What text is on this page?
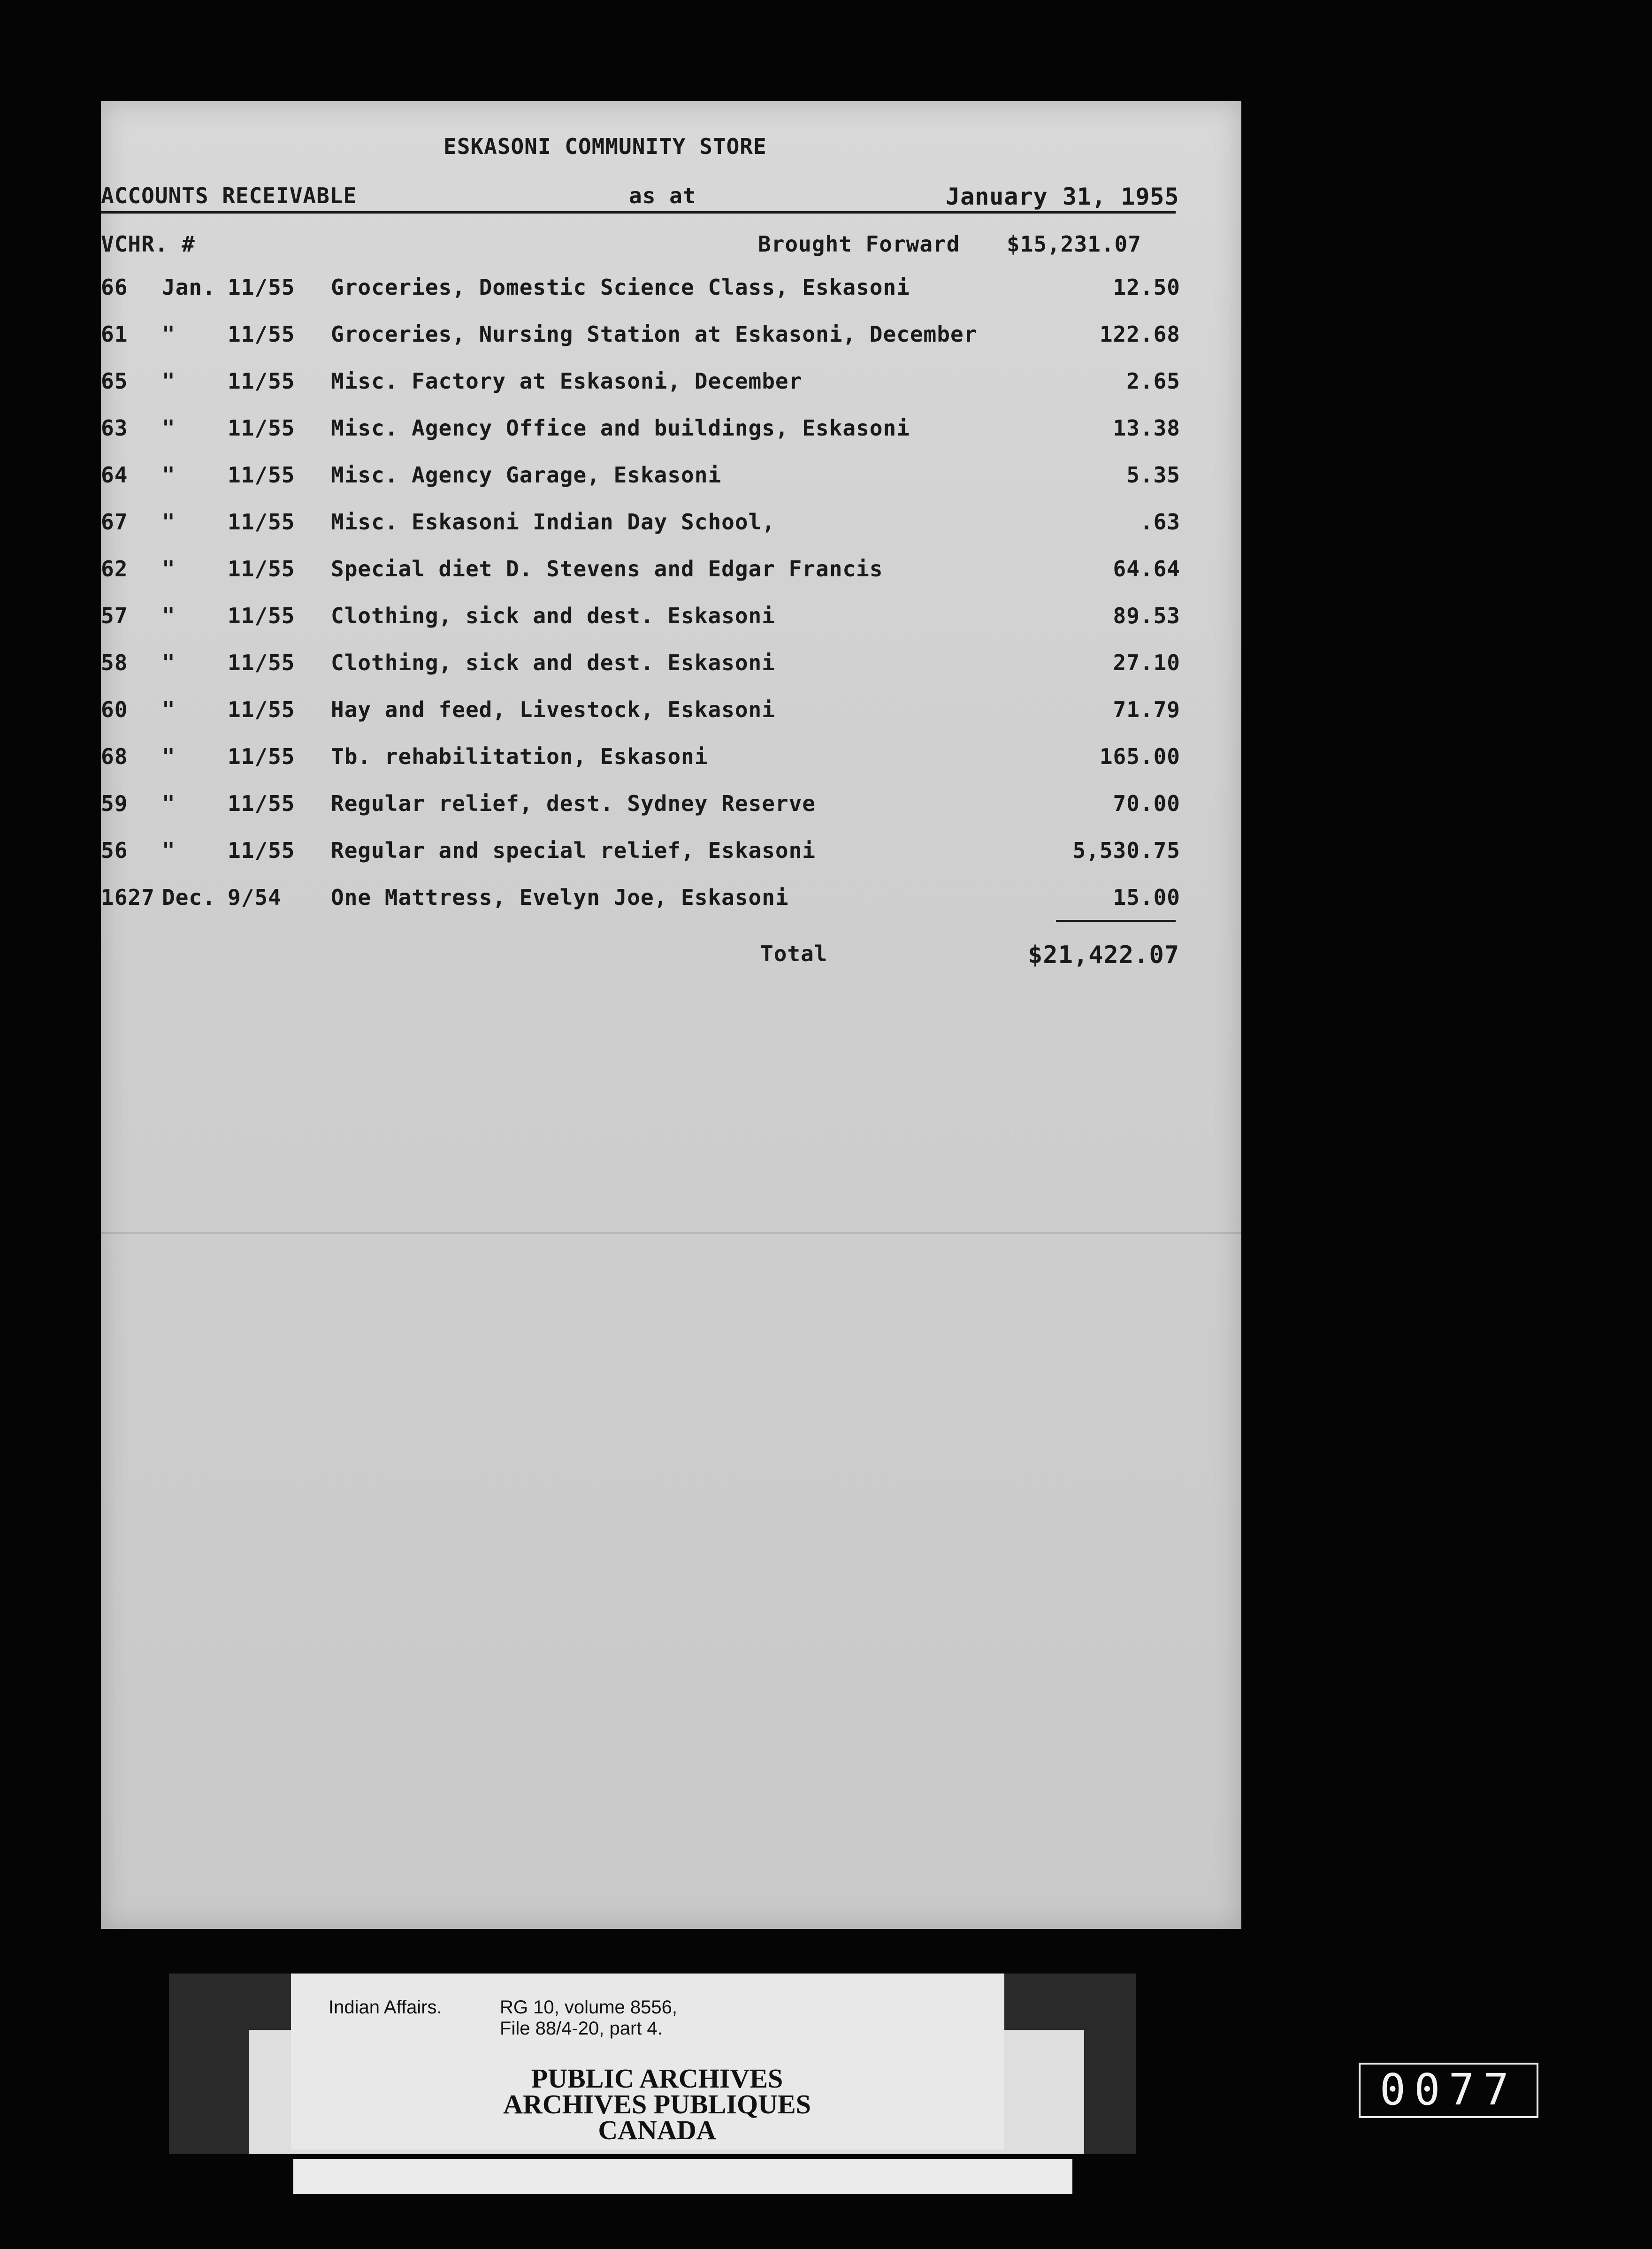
ESKASONI COMMUNITY STORE
ACCOUNTS RECEIVABLE	as at	January 31, 1955
VCHR. #	Brought Forward $15,231.07
66 Jan. 11/55 Groceries, Domestic Science Class, Eskasoni	12.50
61 " 11/55 Groceries, Nursing Station at Eskasoni, December	122.68
65 " 11/55 Misc. Factory at Eskasoni, December	2.65
63 " 11/55 Misc. Agency Office and buildings, Eskasoni	13.38
64 " 11/55 Misc. Agency Garage, Eskasoni	5.35
67 " 11/55 Misc. Eskasoni Indian Day School,	.63
62 " 11/55 Special diet D. Stevens and Edgar Francis	64.64
57 " 11/55 Clothing, sick and dest. Eskasoni	89.53
58 " 11/55 Clothing, sick and dest. Eskasoni	27.10
60 " 11/55 Hay and feed, Livestock, Eskasoni	71.79
68 " 11/55 Tb. rehabilitation, Eskasoni	165.00
59 " 11/55 Regular relief, dest. Sydney Reserve	70.00
56 " 11/55 Regular and special relief, Eskasoni	5,530.75
1627 Dec. 9/54 One Mattress, Evelyn Joe, Eskasoni	15.00
Total	$21,422.07
Indian Affairs.	RG 10, volume 8556,
File 88/4-20, part 4.
PUBLIC ARCHIVES
ARCHIVES PUBLIQUES
CANADA
0077
